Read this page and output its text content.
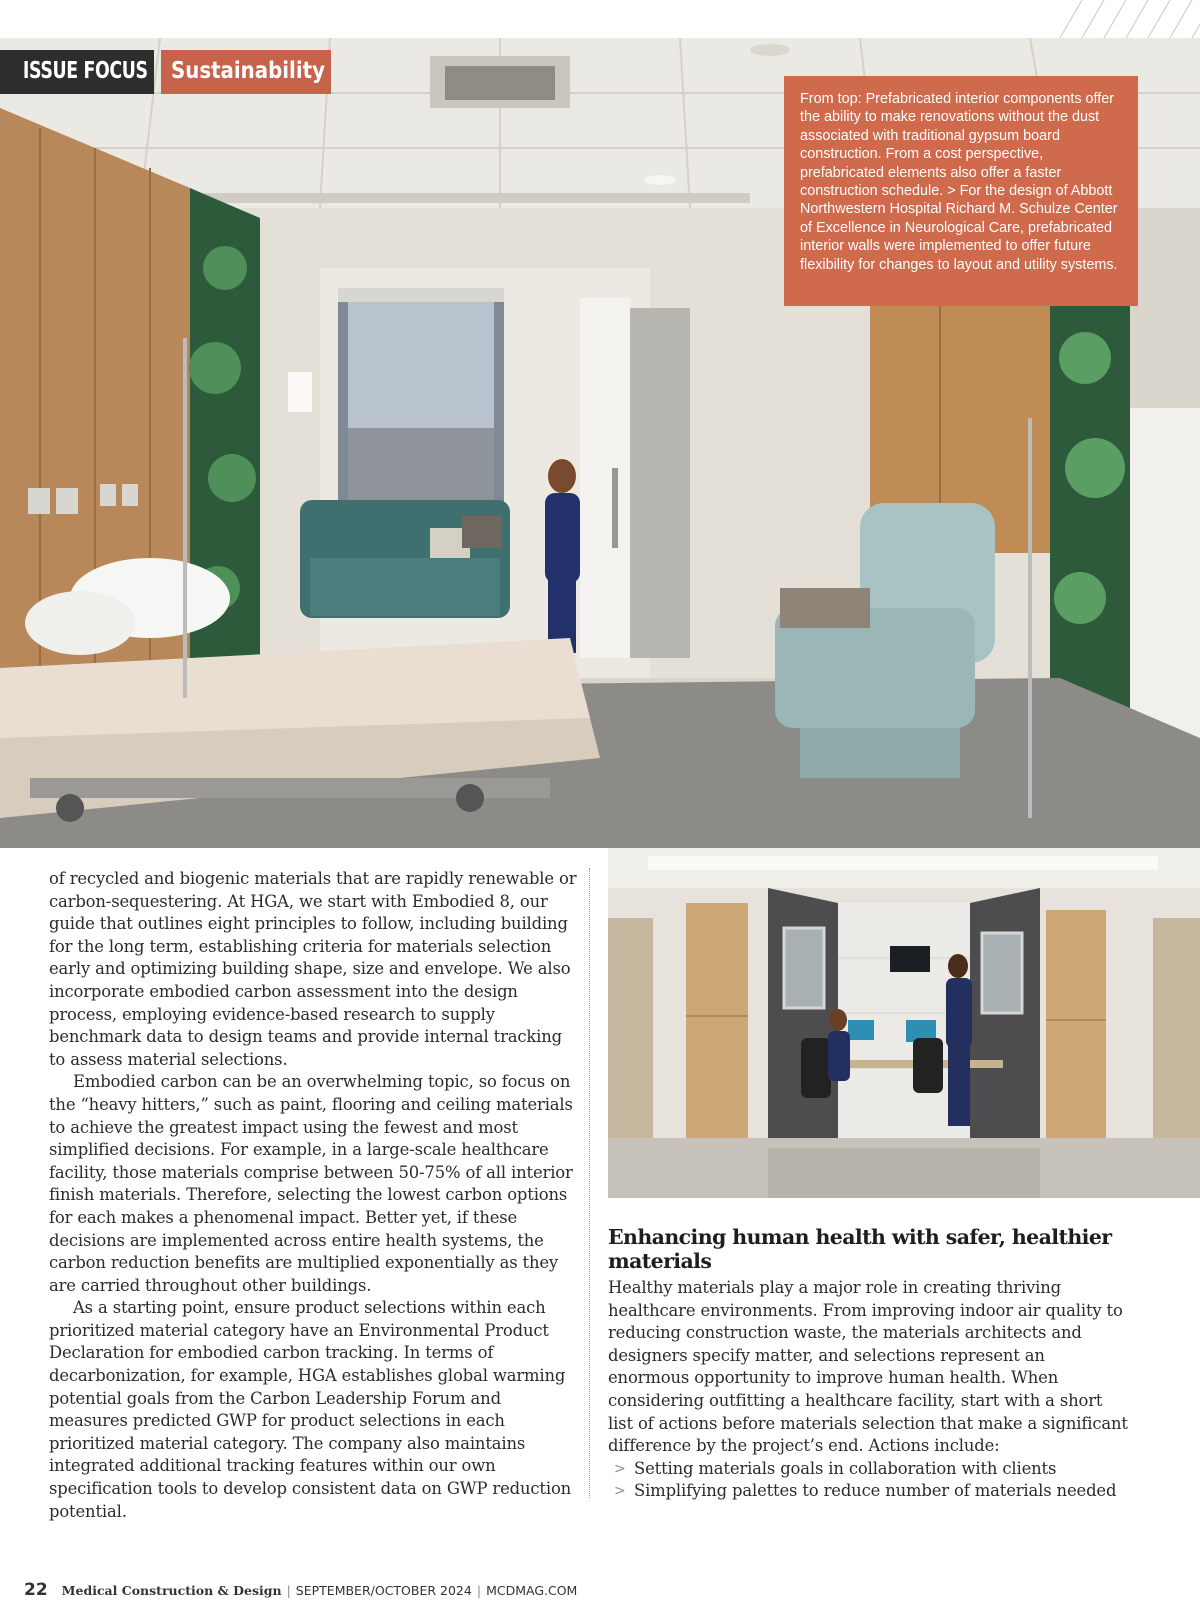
ISSUE FOCUS	Sustainability
From top: Prefabricated interior components offer the ability to make renovations without the dust associated with traditional gypsum board construction. From a cost perspective, prefabricated elements also offer a faster construction schedule. > For the design of Abbott Northwestern Hospital Richard M. Schulze Center of Excellence in Neurological Care, prefabricated interior walls were implemented to offer future flexibility for changes to layout and utility systems.

of recycled and biogenic materials that are rapidly renewable or carbon-sequestering. At HGA, we start with Embodied 8, our guide that outlines eight principles to follow, including building for the long term, establishing criteria for materials selection early and optimizing building shape, size and envelope. We also incorporate embodied carbon assessment into the design process, employing evidence-based research to supply benchmark data to design teams and provide internal tracking to assess material selections.

Embodied carbon can be an overwhelming topic, so focus on the “heavy hitters,” such as paint, flooring and ceiling materials to achieve the greatest impact using the fewest and most simplified decisions. For example, in a large-scale healthcare facility, those materials comprise between 50-75% of all interior finish materials. Therefore, selecting the lowest carbon options for each makes a phenomenal impact. Better yet, if these decisions are implemented across entire health systems, the carbon reduction benefits are multiplied exponentially as they are carried throughout other buildings.

As a starting point, ensure product selections within each prioritized material category have an Environmental Product Declaration for embodied carbon tracking. In terms of decarbonization, for example, HGA establishes global warming potential goals from the Carbon Leadership Forum and measures predicted GWP for product selections in each prioritized material category. The company also maintains integrated additional tracking features within our own specification tools to develop consistent data on GWP reduction potential.

Enhancing human health with safer, healthier materials

Healthy materials play a major role in creating thriving healthcare environments. From improving indoor air quality to reducing construction waste, the materials architects and designers specify matter, and selections represent an enormous opportunity to improve human health. When considering outfitting a healthcare facility, start with a short list of actions before materials selection that make a significant difference by the project’s end. Actions include:

> Setting materials goals in collaboration with clients
> Simplifying palettes to reduce number of materials needed
22 Medical Construction & Design | SEPTEMBER/OCTOBER 2024 | MCDMAG.COM
